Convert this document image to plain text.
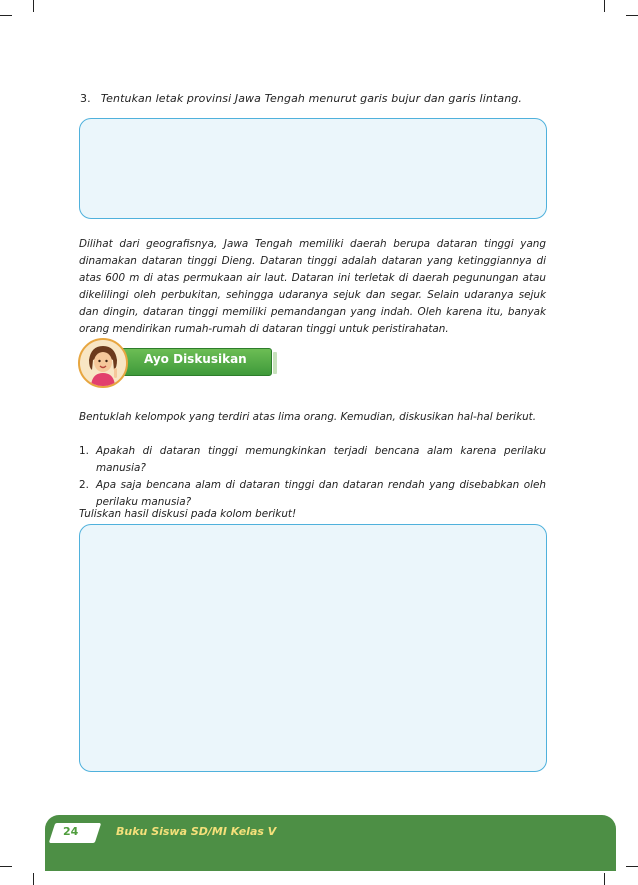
3. Tentukan letak provinsi Jawa Tengah menurut garis bujur dan garis lintang.
Dilihat dari geografisnya, Jawa Tengah memiliki daerah berupa dataran tinggi yang dinamakan dataran tinggi Dieng. Dataran tinggi adalah dataran yang ketinggiannya di atas 600 m di atas permukaan air laut. Dataran ini terletak di daerah pegunungan atau dikelilingi oleh perbukitan, sehingga udaranya sejuk dan segar. Selain udaranya sejuk dan dingin, dataran tinggi memiliki pemandangan yang indah. Oleh karena itu, banyak orang mendirikan rumah-rumah di dataran tinggi untuk peristirahatan.
Ayo Diskusikan
Bentuklah kelompok yang terdiri atas lima orang. Kemudian, diskusikan hal-hal berikut.
1. Apakah di dataran tinggi memungkinkan terjadi bencana alam karena perilaku manusia?
2. Apa saja bencana alam di dataran tinggi dan dataran rendah yang disebabkan oleh perilaku manusia?
Tuliskan hasil diskusi pada kolom berikut!
24	Buku Siswa SD/MI Kelas V
